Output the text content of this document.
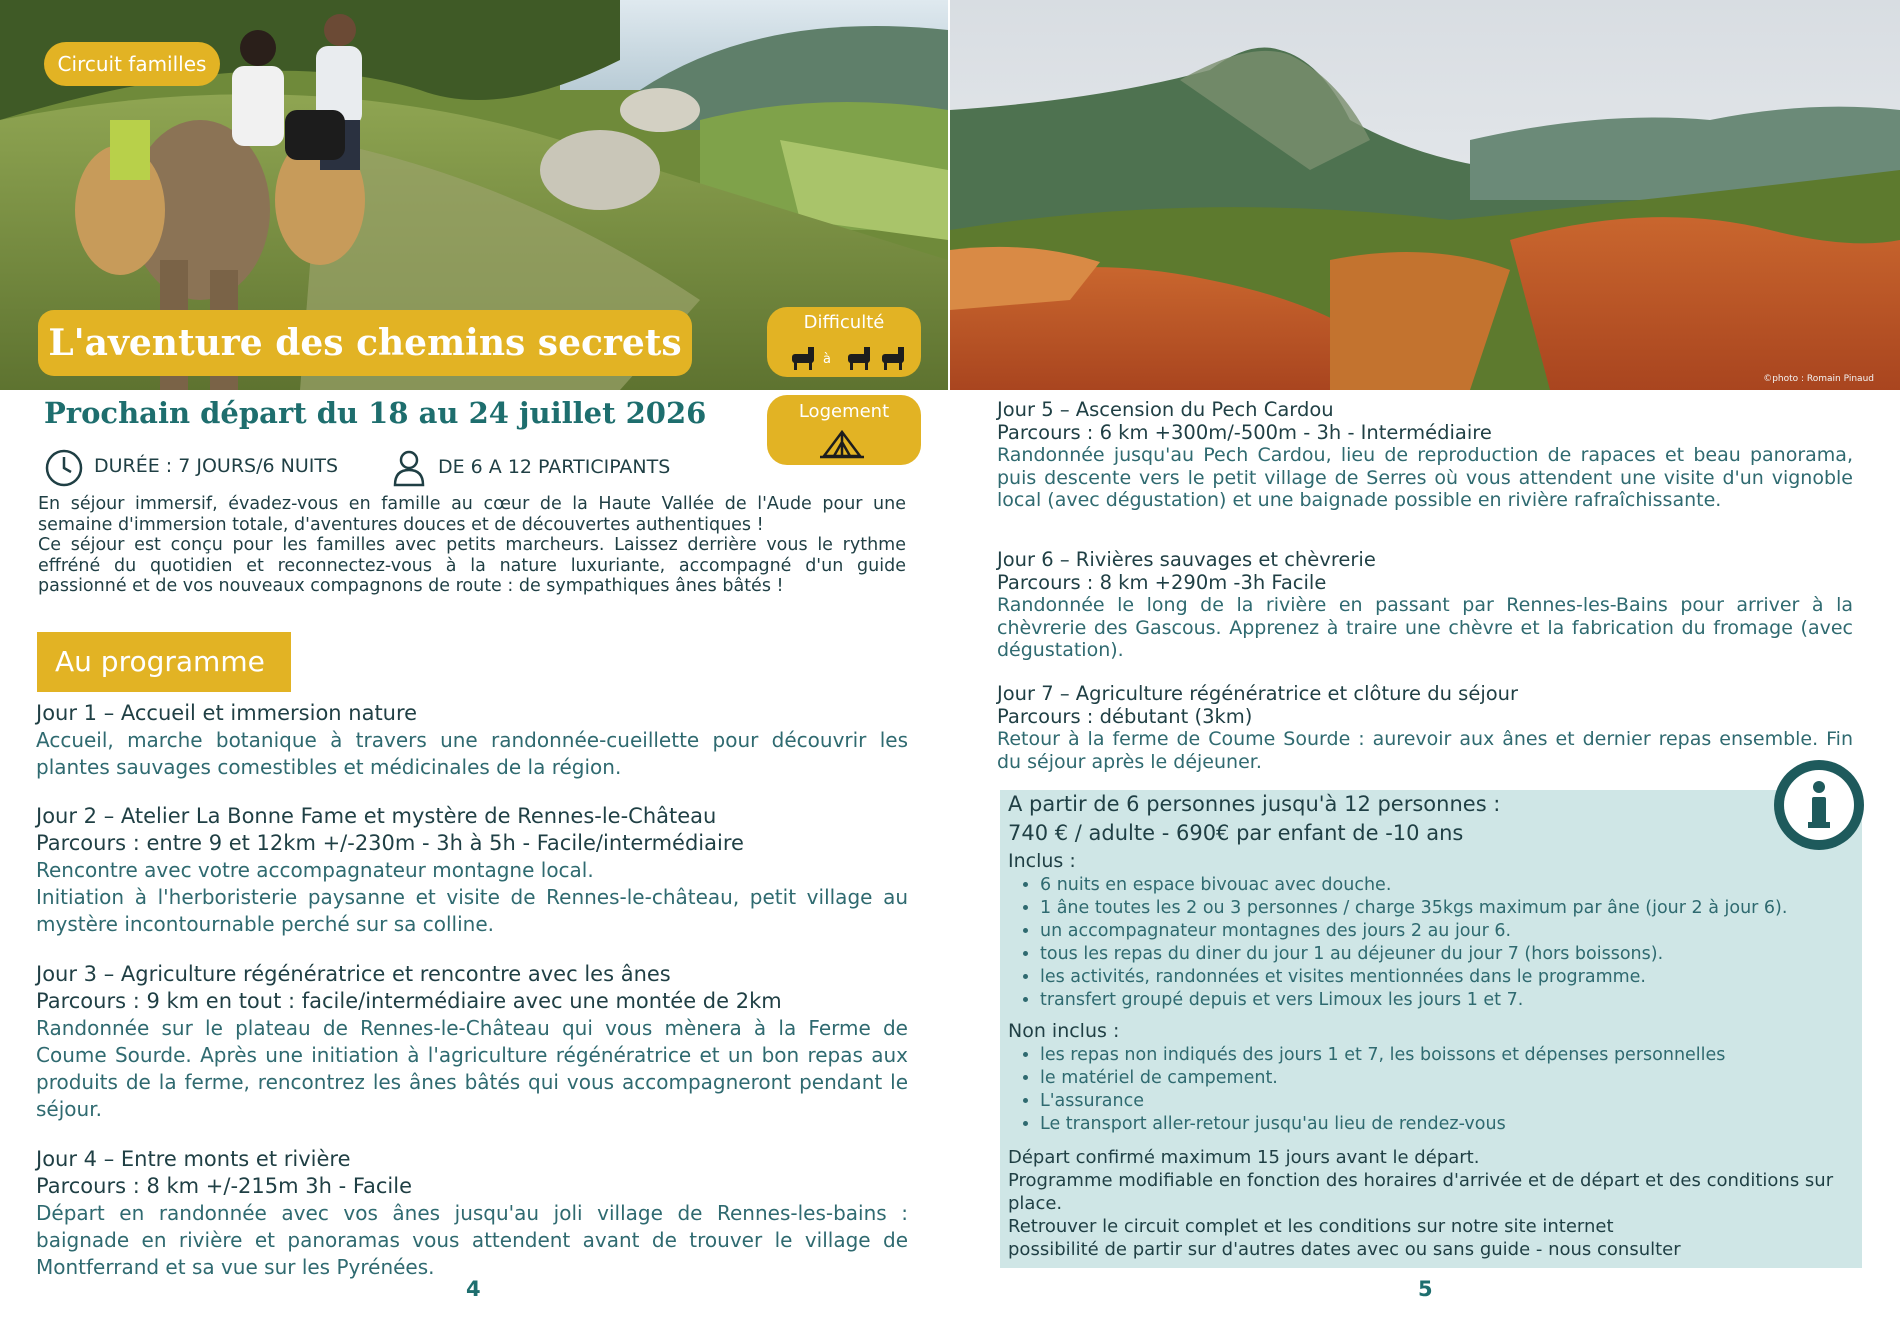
©photo : Romain Pinaud
Circuit familles
L'aventure des chemins secrets	Difficulté
à
Logement
Prochain départ du 18 au 24 juillet 2026
DURÉE : 7 JOURS/6 NUITS	DE 6 A 12 PARTICIPANTS
En séjour immersif, évadez-vous en famille au cœur de la Haute Vallée de l'Aude pour une semaine d'immersion totale, d'aventures douces et de découvertes authentiques !
Ce séjour est conçu pour les familles avec petits marcheurs. Laissez derrière vous le rythme effréné du quotidien et reconnectez-vous à la nature luxuriante, accompagné d'un guide passionné et de vos nouveaux compagnons de route : de sympathiques ânes bâtés !
Au programme
Jour 1 – Accueil et immersion nature
Accueil, marche botanique à travers une randonnée-cueillette pour découvrir les plantes sauvages comestibles et médicinales de la région.
Jour 2 – Atelier La Bonne Fame et mystère de Rennes-le-Château
Parcours : entre 9 et 12km +/-230m - 3h à 5h - Facile/intermédiaire
Rencontre avec votre accompagnateur montagne local.
Initiation à l'herboristerie paysanne et visite de Rennes-le-château, petit village au mystère incontournable perché sur sa colline.
Jour 3 – Agriculture régénératrice et rencontre avec les ânes
Parcours : 9 km en tout : facile/intermédiaire avec une montée de 2km
Randonnée sur le plateau de Rennes-le-Château qui vous mènera à la Ferme de Coume Sourde. Après une initiation à l'agriculture régénératrice et un bon repas aux produits de la ferme, rencontrez les ânes bâtés qui vous accompagneront pendant le séjour.
Jour 4 – Entre monts et rivière
Parcours : 8 km +/-215m 3h - Facile
Départ en randonnée avec vos ânes jusqu'au joli village de Rennes-les-bains : baignade en rivière et panoramas vous attendent avant de trouver le village de Montferrand et sa vue sur les Pyrénées.
4
Jour 5 – Ascension du Pech Cardou
Parcours : 6 km +300m/-500m - 3h - Intermédiaire
Randonnée jusqu'au Pech Cardou, lieu de reproduction de rapaces et beau panorama, puis descente vers le petit village de Serres où vous attendent une visite d'un vignoble local (avec dégustation) et une baignade possible en rivière rafraîchissante.
Jour 6 – Rivières sauvages et chèvrerie
Parcours : 8 km +290m -3h Facile
Randonnée le long de la rivière en passant par Rennes-les-Bains pour arriver à la chèvrerie des Gascous. Apprenez à traire une chèvre et la fabrication du fromage (avec dégustation).
Jour 7 – Agriculture régénératrice et clôture du séjour
Parcours : débutant (3km)
Retour à la ferme de Coume Sourde : aurevoir aux ânes et dernier repas ensemble. Fin du séjour après le déjeuner.
A partir de 6 personnes jusqu'à 12 personnes :
740 € / adulte - 690€ par enfant de -10 ans
Inclus :
• 6 nuits en espace bivouac avec douche.
• 1 âne toutes les 2 ou 3 personnes / charge 35kgs maximum par âne (jour 2 à jour 6).
• un accompagnateur montagnes des jours 2 au jour 6.
• tous les repas du diner du jour 1 au déjeuner du jour 7 (hors boissons).
• les activités, randonnées et visites mentionnées dans le programme.
• transfert groupé depuis et vers Limoux les jours 1 et 7.
Non inclus :
• les repas non indiqués des jours 1 et 7, les boissons et dépenses personnelles
• le matériel de campement.
• L'assurance
• Le transport aller-retour jusqu'au lieu de rendez-vous
Départ confirmé maximum 15 jours avant le départ.
Programme modifiable en fonction des horaires d'arrivée et de départ et des conditions sur place.
Retrouver le circuit complet et les conditions sur notre site internet
possibilité de partir sur d'autres dates avec ou sans guide - nous consulter
5
